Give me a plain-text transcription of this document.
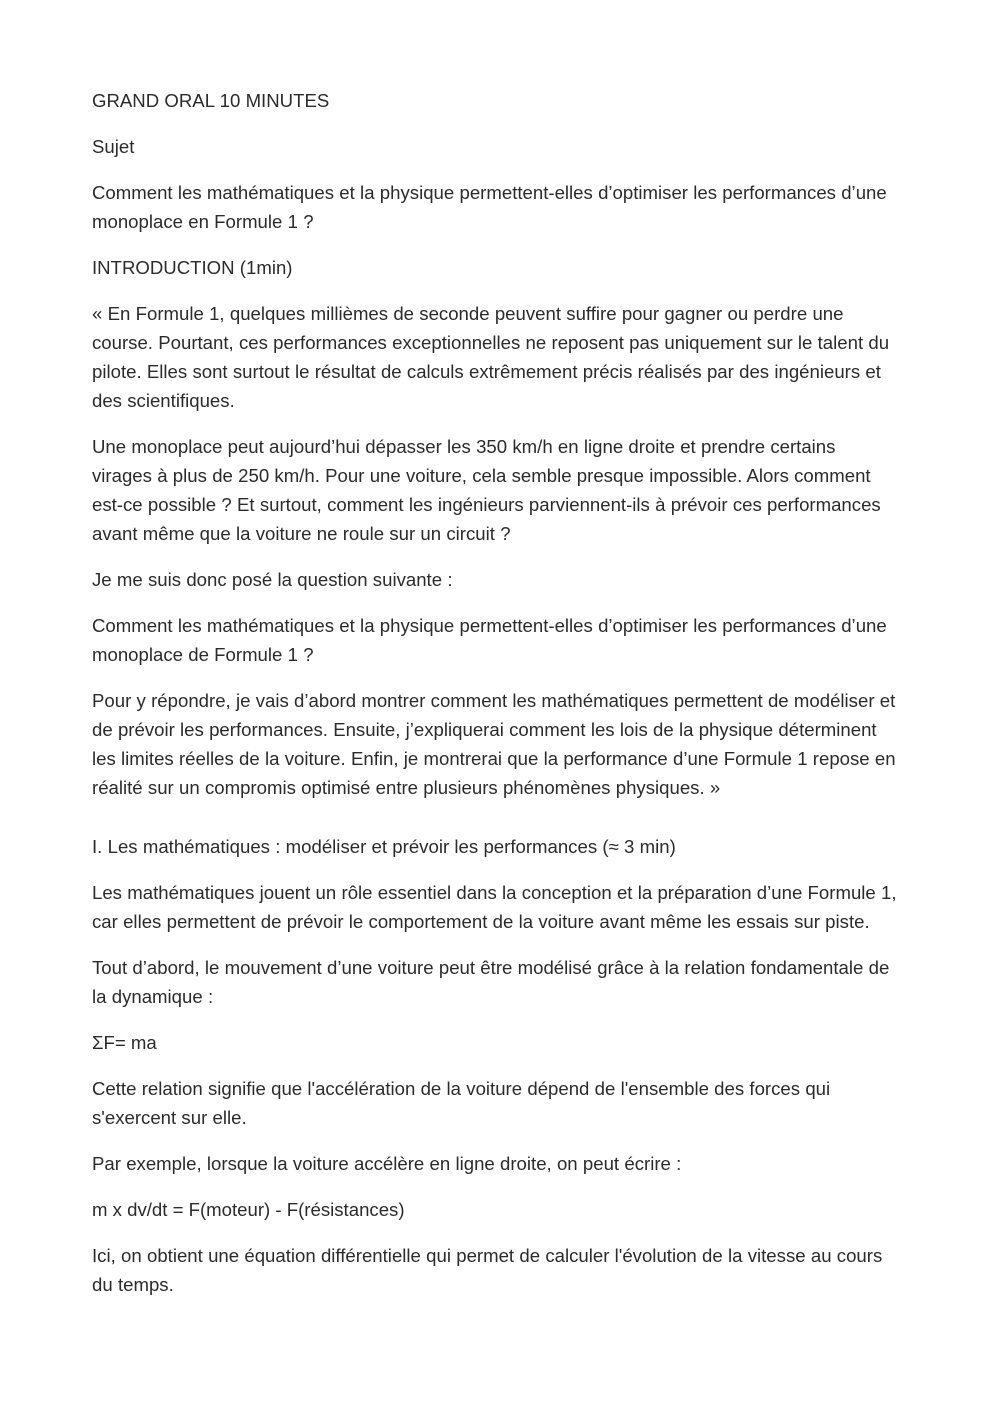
GRAND ORAL 10 MINUTES

Sujet

Comment les mathématiques et la physique permettent-elles d’optimiser les performances d’une monoplace en Formule 1 ?

INTRODUCTION (1min)

« En Formule 1, quelques millièmes de seconde peuvent suffire pour gagner ou perdre une course. Pourtant, ces performances exceptionnelles ne reposent pas uniquement sur le talent du pilote. Elles sont surtout le résultat de calculs extrêmement précis réalisés par des ingénieurs et des scientifiques.

Une monoplace peut aujourd’hui dépasser les 350 km/h en ligne droite et prendre certains virages à plus de 250 km/h. Pour une voiture, cela semble presque impossible. Alors comment est-ce possible ? Et surtout, comment les ingénieurs parviennent-ils à prévoir ces performances avant même que la voiture ne roule sur un circuit ?

Je me suis donc posé la question suivante :

Comment les mathématiques et la physique permettent-elles d’optimiser les performances d’une monoplace de Formule 1 ?

Pour y répondre, je vais d’abord montrer comment les mathématiques permettent de modéliser et de prévoir les performances. Ensuite, j’expliquerai comment les lois de la physique déterminent les limites réelles de la voiture. Enfin, je montrerai que la performance d’une Formule 1 repose en réalité sur un compromis optimisé entre plusieurs phénomènes physiques. »

I. Les mathématiques : modéliser et prévoir les performances (≈ 3 min)

Les mathématiques jouent un rôle essentiel dans la conception et la préparation d’une Formule 1, car elles permettent de prévoir le comportement de la voiture avant même les essais sur piste.

Tout d’abord, le mouvement d’une voiture peut être modélisé grâce à la relation fondamentale de la dynamique :

ΣF= ma

Cette relation signifie que l'accélération de la voiture dépend de l'ensemble des forces qui s'exercent sur elle.

Par exemple, lorsque la voiture accélère en ligne droite, on peut écrire :

m x dv/dt = F(moteur) - F(résistances)

Ici, on obtient une équation différentielle qui permet de calculer l'évolution de la vitesse au cours du temps.
